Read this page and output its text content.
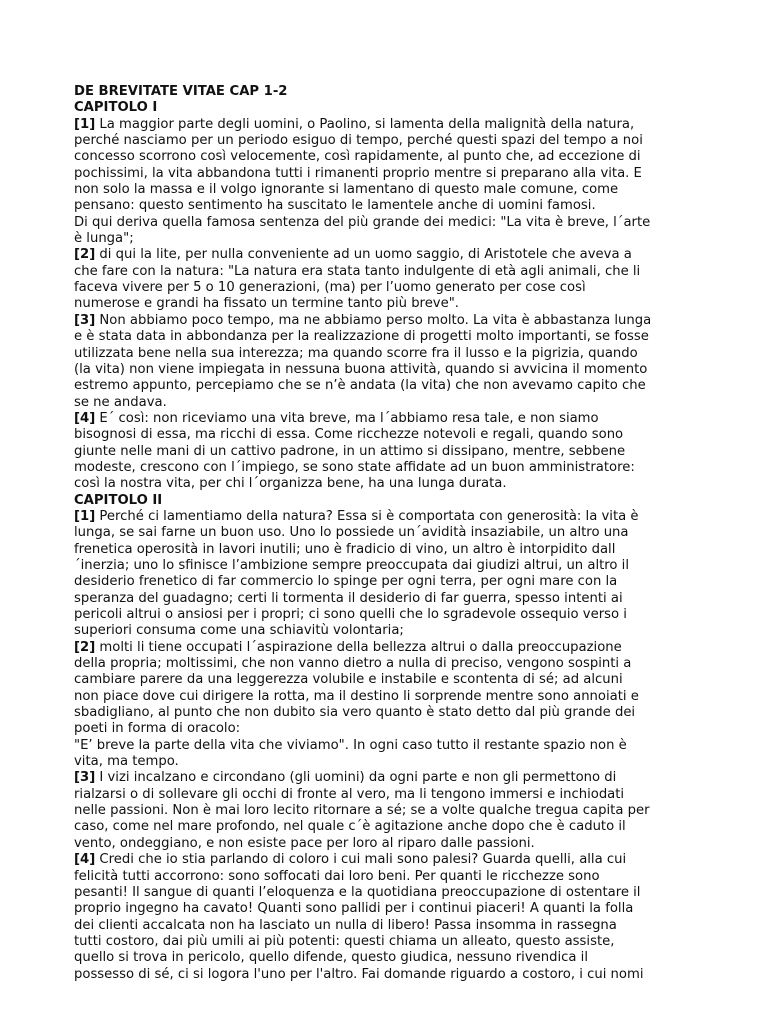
DE BREVITATE VITAE CAP 1-2
CAPITOLO I
[1] La maggior parte degli uomini, o Paolino, si lamenta della malignità della natura,
perché nasciamo per un periodo esiguo di tempo, perché questi spazi del tempo a noi
concesso scorrono così velocemente, così rapidamente, al punto che, ad eccezione di
pochissimi, la vita abbandona tutti i rimanenti proprio mentre si preparano alla vita. E
non solo la massa e il volgo ignorante si lamentano di questo male comune, come
pensano: questo sentimento ha suscitato le lamentele anche di uomini famosi.
Di qui deriva quella famosa sentenza del più grande dei medici: "La vita è breve, l´arte
è lunga";
[2] di qui la lite, per nulla conveniente ad un uomo saggio, di Aristotele che aveva a
che fare con la natura: "La natura era stata tanto indulgente di età agli animali, che li
faceva vivere per 5 o 10 generazioni, (ma) per l’uomo generato per cose così
numerose e grandi ha fissato un termine tanto più breve".
[3] Non abbiamo poco tempo, ma ne abbiamo perso molto. La vita è abbastanza lunga
e è stata data in abbondanza per la realizzazione di progetti molto importanti, se fosse
utilizzata bene nella sua interezza; ma quando scorre fra il lusso e la pigrizia, quando
(la vita) non viene impiegata in nessuna buona attività, quando si avvicina il momento
estremo appunto, percepiamo che se n’è andata (la vita) che non avevamo capito che
se ne andava.
[4] E´ così: non riceviamo una vita breve, ma l´abbiamo resa tale, e non siamo
bisognosi di essa, ma ricchi di essa. Come ricchezze notevoli e regali, quando sono
giunte nelle mani di un cattivo padrone, in un attimo si dissipano, mentre, sebbene
modeste, crescono con l´impiego, se sono state affidate ad un buon amministratore:
così la nostra vita, per chi l´organizza bene, ha una lunga durata.
CAPITOLO II
[1] Perché ci lamentiamo della natura? Essa si è comportata con generosità: la vita è
lunga, se sai farne un buon uso. Uno lo possiede un´avidità insaziabile, un altro una
frenetica operosità in lavori inutili; uno è fradicio di vino, un altro è intorpidito dall
´inerzia; uno lo sfinisce l’ambizione sempre preoccupata dai giudizi altrui, un altro il
desiderio frenetico di far commercio lo spinge per ogni terra, per ogni mare con la
speranza del guadagno; certi li tormenta il desiderio di far guerra, spesso intenti ai
pericoli altrui o ansiosi per i propri; ci sono quelli che lo sgradevole ossequio verso i
superiori consuma come una schiavitù volontaria;
[2] molti li tiene occupati l´aspirazione della bellezza altrui o dalla preoccupazione
della propria; moltissimi, che non vanno dietro a nulla di preciso, vengono sospinti a
cambiare parere da una leggerezza volubile e instabile e scontenta di sé; ad alcuni
non piace dove cui dirigere la rotta, ma il destino li sorprende mentre sono annoiati e
sbadigliano, al punto che non dubito sia vero quanto è stato detto dal più grande dei
poeti in forma di oracolo:
"E’ breve la parte della vita che viviamo". In ogni caso tutto il restante spazio non è
vita, ma tempo.
[3] I vizi incalzano e circondano (gli uomini) da ogni parte e non gli permettono di
rialzarsi o di sollevare gli occhi di fronte al vero, ma li tengono immersi e inchiodati
nelle passioni. Non è mai loro lecito ritornare a sé; se a volte qualche tregua capita per
caso, come nel mare profondo, nel quale c´è agitazione anche dopo che è caduto il
vento, ondeggiano, e non esiste pace per loro al riparo dalle passioni.
[4] Credi che io stia parlando di coloro i cui mali sono palesi? Guarda quelli, alla cui
felicità tutti accorrono: sono soffocati dai loro beni. Per quanti le ricchezze sono
pesanti! Il sangue di quanti l’eloquenza e la quotidiana preoccupazione di ostentare il
proprio ingegno ha cavato! Quanti sono pallidi per i continui piaceri! A quanti la folla
dei clienti accalcata non ha lasciato un nulla di libero! Passa insomma in rassegna
tutti costoro, dai più umili ai più potenti: questi chiama un alleato, questo assiste,
quello si trova in pericolo, quello difende, questo giudica, nessuno rivendica il
possesso di sé, ci si logora l'uno per l'altro. Fai domande riguardo a costoro, i cui nomi
